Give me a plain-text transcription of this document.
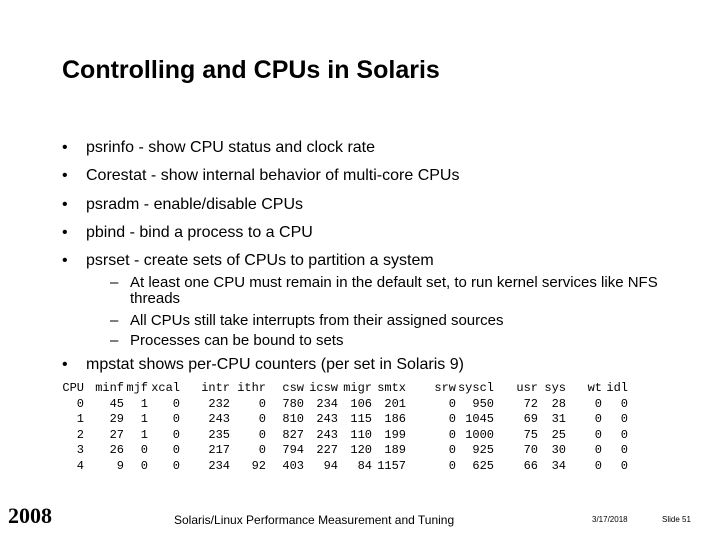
Controlling and CPUs in Solaris
•	psrinfo - show CPU status and clock rate
•	Corestat - show internal behavior of multi-core CPUs
•	psradm - enable/disable CPUs
•	pbind - bind a process to a CPU
•	psrset - create sets of CPUs to partition a system
– At least one CPU must remain in the default set, to run kernel services like NFS threads
– All CPUs still take interrupts from their assigned sources
– Processes can be bound to sets
•	mpstat shows per-CPU counters (per set in Solaris 9)
CPU minf mjf xcal intr ithr csw icsw migr smtx srw syscl usr sys wt idl
0 45 1 0 232 0 780 234 106 201	0 950 72 28 0 0
1 29 1 0 243 0 810 243 115 186	0 1045 69 31 0 0
2 27 1 0 235 0 827 243 110 199	0 1000 75 25 0 0
3 26 0 0 217 0 794 227 120 189	0 925 70 30 0 0
4	9 0 0 234 92 403 94 84 1157	0 625 66 34 0 0
2008	Solaris/Linux Performance Measurement and Tuning	3/17/2018	Slide 51
